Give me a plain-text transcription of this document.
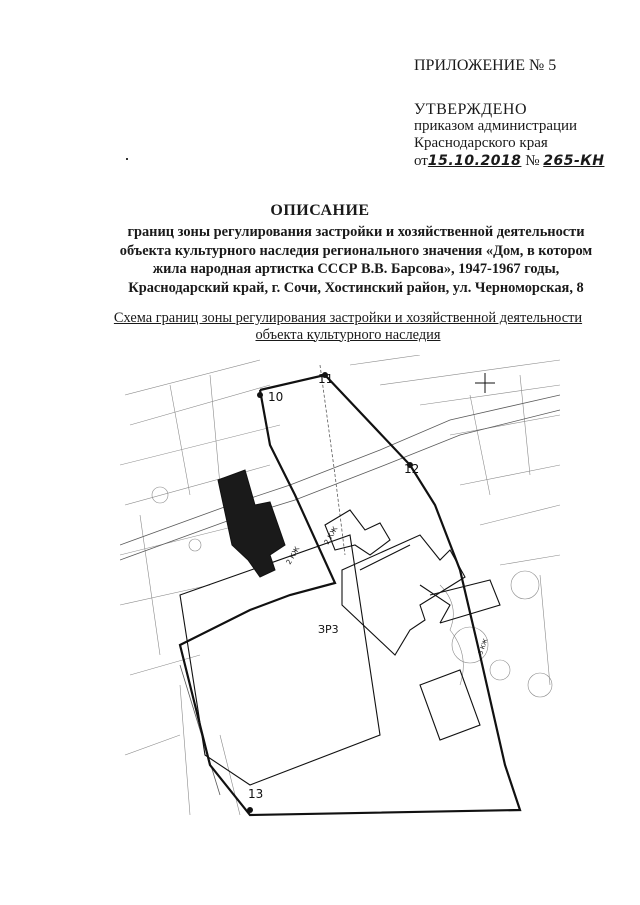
ПРИЛОЖЕНИЕ № 5
УТВЕРЖДЕНО
приказом администрации
Краснодарского края
от15.10.2018 № 265-КН
ОПИСАНИЕ
границ зоны регулирования застройки и хозяйственной деятельности
объекта культурного наследия регионального значения «Дом, в котором
жила народная артистка СССР В.В. Барсова», 1947-1967 годы,
Краснодарский край, г. Сочи, Хостинский район, ул. Черноморская, 8
Схема границ зоны регулирования застройки и хозяйственной деятельности
объекта культурного наследия
10
11
12
13
ЗР3
2 КЖ
2 КЖ
3 КЖ
